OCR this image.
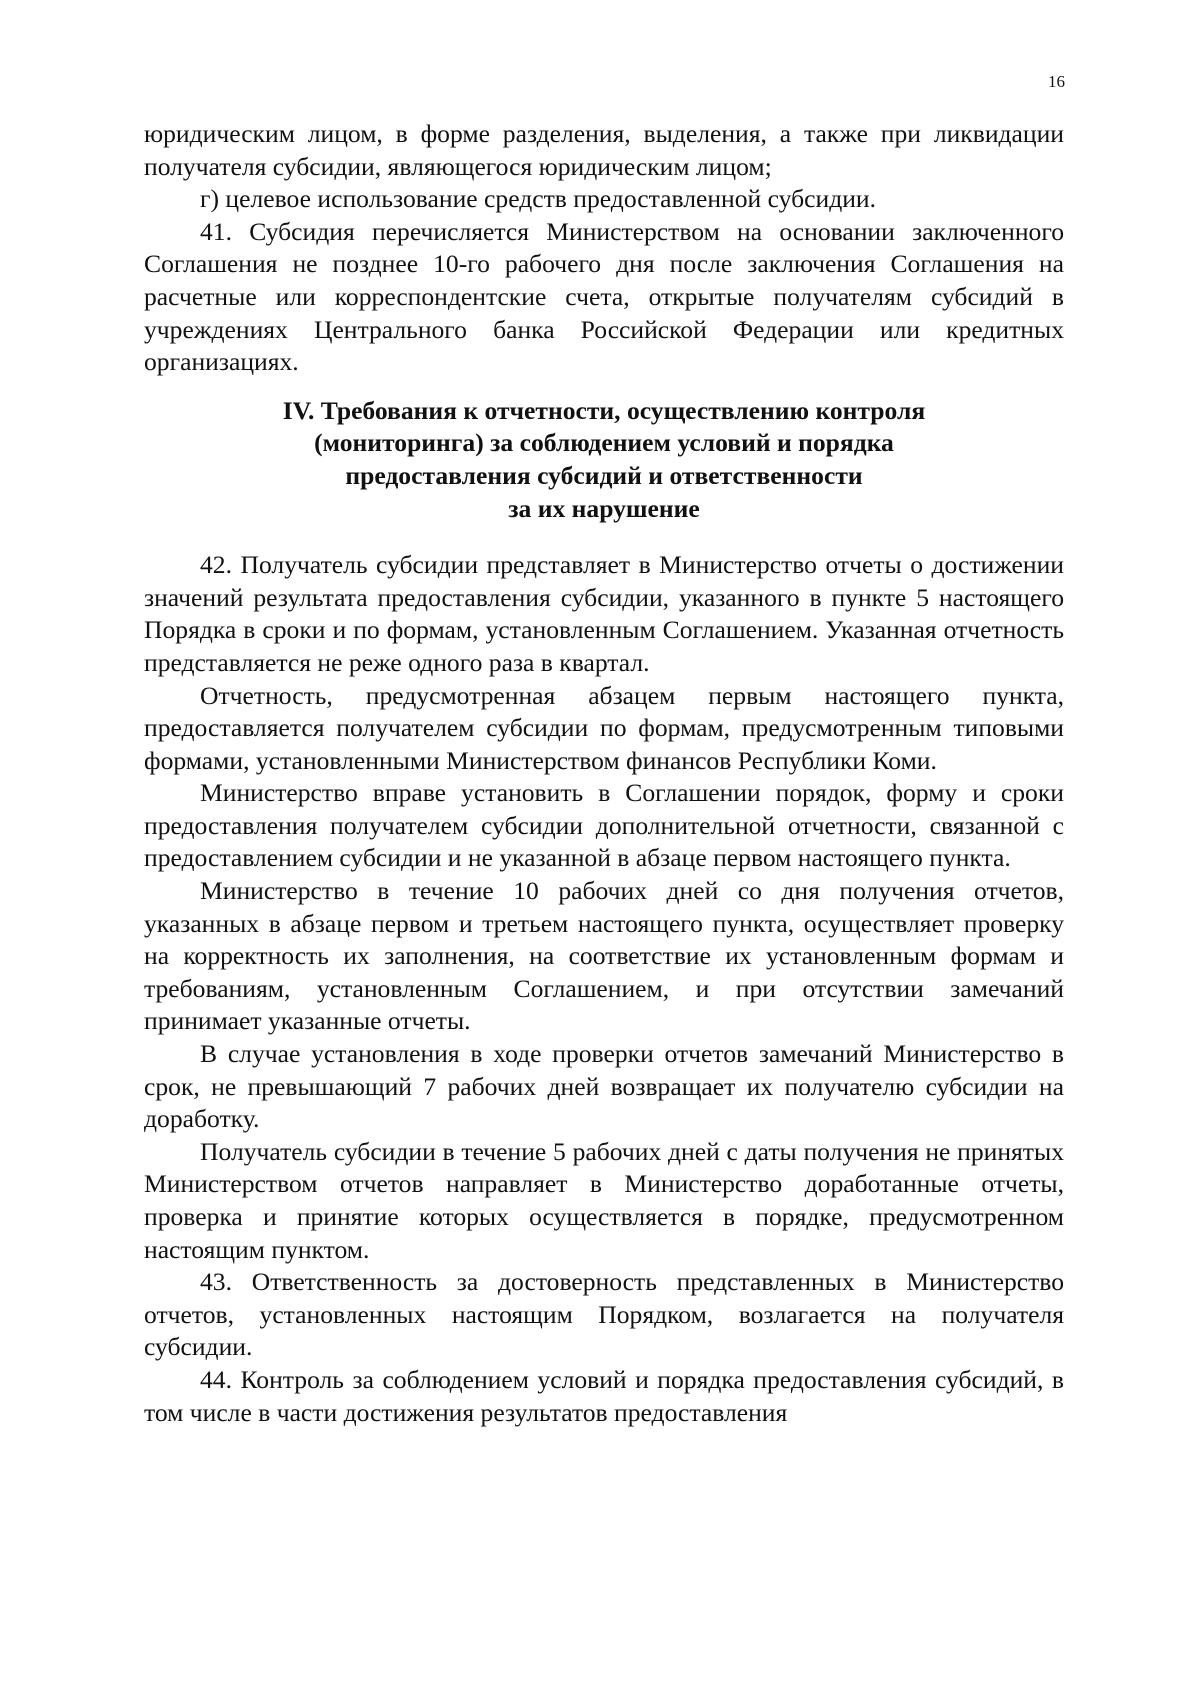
16

юридическим лицом, в форме разделения, выделения, а также при ликвидации получателя субсидии, являющегося юридическим лицом;

г) целевое использование средств предоставленной субсидии.

41. Субсидия перечисляется Министерством на основании заключенного Соглашения не позднее 10-го рабочего дня после заключения Соглашения на расчетные или корреспондентские счета, открытые получателям субсидий в учреждениях Центрального банка Российской Федерации или кредитных организациях.

IV. Требования к отчетности, осуществлению контроля
(мониторинга) за соблюдением условий и порядка
предоставления субсидий и ответственности
за их нарушение

42. Получатель субсидии представляет в Министерство отчеты о достижении значений результата предоставления субсидии, указанного в пункте 5 настоящего Порядка в сроки и по формам, установленным Соглашением. Указанная отчетность представляется не реже одного раза в квартал.

Отчетность, предусмотренная абзацем первым настоящего пункта, предоставляется получателем субсидии по формам, предусмотренным типовыми формами, установленными Министерством финансов Республики Коми.

Министерство вправе установить в Соглашении порядок, форму и сроки предоставления получателем субсидии дополнительной отчетности, связанной с предоставлением субсидии и не указанной в абзаце первом настоящего пункта.

Министерство в течение 10 рабочих дней со дня получения отчетов, указанных в абзаце первом и третьем настоящего пункта, осуществляет проверку на корректность их заполнения, на соответствие их установленным формам и требованиям, установленным Соглашением, и при отсутствии замечаний принимает указанные отчеты.

В случае установления в ходе проверки отчетов замечаний Министерство в срок, не превышающий 7 рабочих дней возвращает их получателю субсидии на доработку.

Получатель субсидии в течение 5 рабочих дней с даты получения не принятых Министерством отчетов направляет в Министерство доработанные отчеты, проверка и принятие которых осуществляется в порядке, предусмотренном настоящим пунктом.

43. Ответственность за достоверность представленных в Министерство отчетов, установленных настоящим Порядком, возлагается на получателя субсидии.

44. Контроль за соблюдением условий и порядка предоставления субсидий, в том числе в части достижения результатов предоставления
